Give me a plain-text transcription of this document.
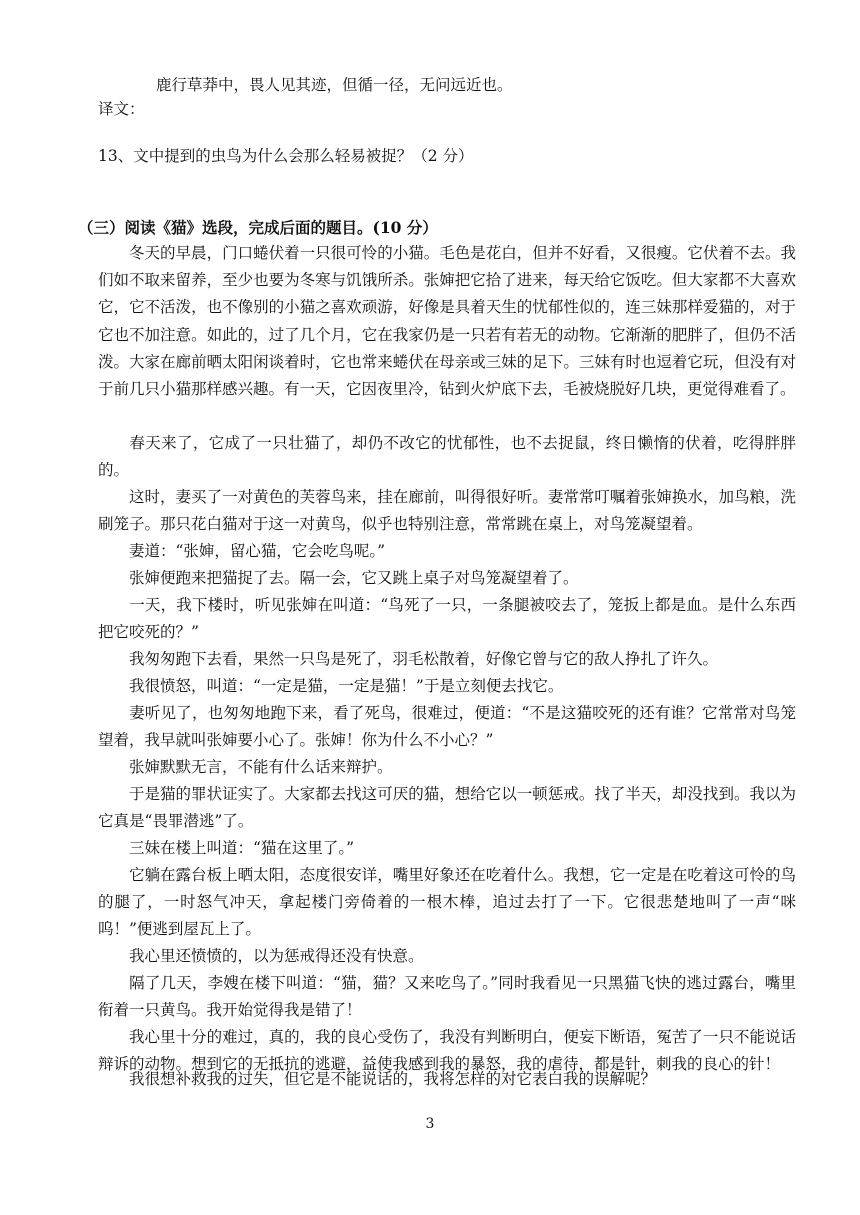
鹿行草莽中，畏人见其迹，但循一径，无问远近也。
译文：
13、文中提到的虫鸟为什么会那么轻易被捉？（2 分）
（三）阅读《猫》选段，完成后面的题目。(10 分）
冬天的早晨，门口蜷伏着一只很可怜的小猫。毛色是花白，但并不好看，又很瘦。它伏着不去。我们如不取来留养，至少也要为冬寒与饥饿所杀。张婶把它拾了进来，每天给它饭吃。但大家都不大喜欢它，它不活泼，也不像别的小猫之喜欢顽游，好像是具着天生的忧郁性似的，连三妹那样爱猫的，对于它也不加注意。如此的，过了几个月，它在我家仍是一只若有若无的动物。它渐渐的肥胖了，但仍不活泼。大家在廊前晒太阳闲谈着时，它也常来蜷伏在母亲或三妹的足下。三妹有时也逗着它玩，但没有对于前几只小猫那样感兴趣。有一天，它因夜里冷，钻到火炉底下去，毛被烧脱好几块，更觉得难看了。
春天来了，它成了一只壮猫了，却仍不改它的忧郁性，也不去捉鼠，终日懒惰的伏着，吃得胖胖的。
这时，妻买了一对黄色的芙蓉鸟来，挂在廊前，叫得很好听。妻常常叮嘱着张婶换水，加鸟粮，洗刷笼子。那只花白猫对于这一对黄鸟，似乎也特别注意，常常跳在桌上，对鸟笼凝望着。
妻道：“张婶，留心猫，它会吃鸟呢。”
张婶便跑来把猫捉了去。隔一会，它又跳上桌子对鸟笼凝望着了。
一天，我下楼时，听见张婶在叫道：“鸟死了一只，一条腿被咬去了，笼扳上都是血。是什么东西把它咬死的？”
我匆匆跑下去看，果然一只鸟是死了，羽毛松散着，好像它曾与它的敌人挣扎了许久。
我很愤怒，叫道：“一定是猫，一定是猫！”于是立刻便去找它。
妻听见了，也匆匆地跑下来，看了死鸟，很难过，便道：“不是这猫咬死的还有谁？它常常对鸟笼望着，我早就叫张婶要小心了。张婶！你为什么不小心？”
张婶默默无言，不能有什么话来辩护。
于是猫的罪状证实了。大家都去找这可厌的猫，想给它以一顿惩戒。找了半天，却没找到。我以为它真是“畏罪潜逃”了。
三妹在楼上叫道：“猫在这里了。”
它躺在露台板上晒太阳，态度很安详，嘴里好象还在吃着什么。我想，它一定是在吃着这可怜的鸟的腿了，一时怒气冲天，拿起楼门旁倚着的一根木棒，追过去打了一下。它很悲楚地叫了一声“咪呜！”便逃到屋瓦上了。
我心里还愤愤的，以为惩戒得还没有快意。
隔了几天，李嫂在楼下叫道：“猫，猫？又来吃鸟了。”同时我看见一只黑猫飞快的逃过露台，嘴里衔着一只黄鸟。我开始觉得我是错了！
我心里十分的难过，真的，我的良心受伤了，我没有判断明白，便妄下断语，冤苦了一只不能说话辩诉的动物。想到它的无抵抗的逃避，益使我感到我的暴怒，我的虐待，都是针，刺我的良心的针！
我很想补救我的过失，但它是不能说话的，我将怎样的对它表白我的误解呢？
3
